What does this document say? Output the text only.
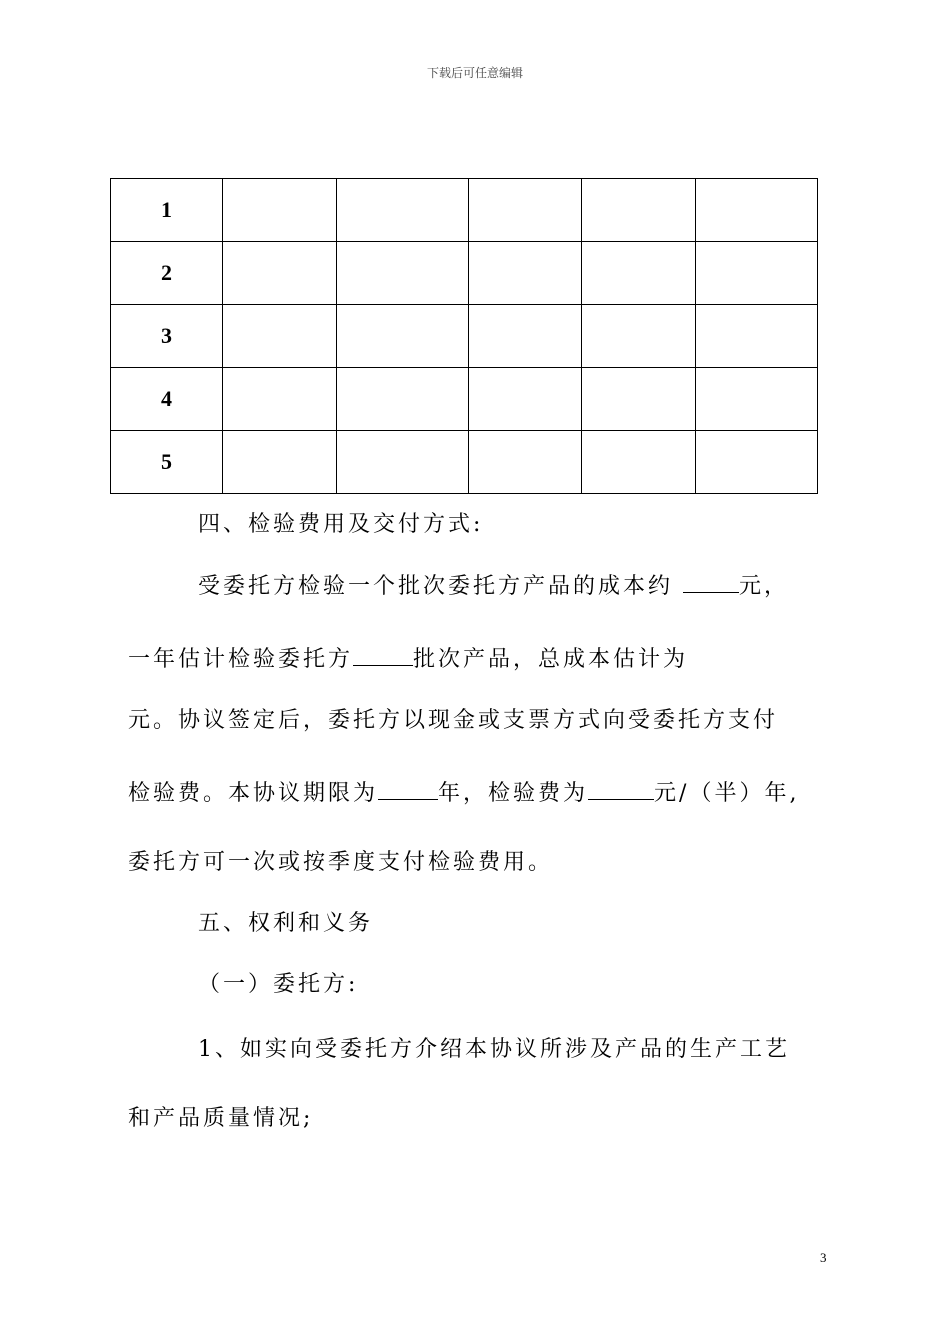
下载后可任意编辑
1					
2					
3					
4					
5					
四、检验费用及交付方式:
受委托方检验一个批次委托方产品的成本约	元，
一年估计检验委托方	批次产品，总成本估计为
元。协议签定后，委托方以现金或支票方式向受委托方支付
检验费。本协议期限为	年，检验费为	元/（半）年,
委托方可一次或按季度支付检验费用。
五、权利和义务
（一）委托方:
1、如实向受委托方介绍本协议所涉及产品的生产工艺
和产品质量情况;
3
